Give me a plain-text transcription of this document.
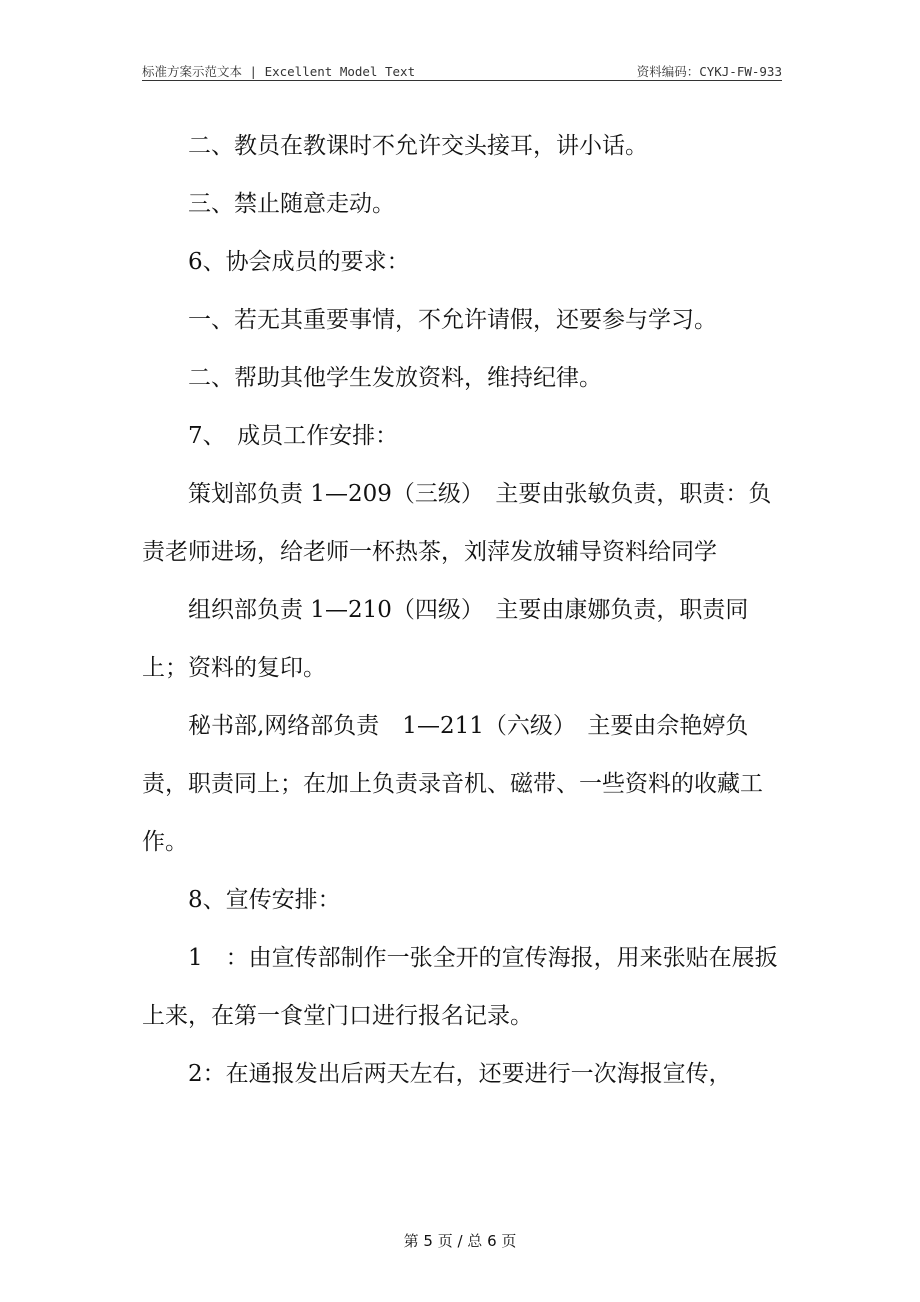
标准方案示范文本 | Excellent Model Text	资料编码：CYKJ-FW-933

二、教员在教课时不允许交头接耳，讲小话。

三、禁止随意走动。

6、协会成员的要求：

一、若无其重要事情，不允许请假，还要参与学习。

二、帮助其他学生发放资料，维持纪律。

7、　成员工作安排：

策划部负责 1—209（三级）　主要由张敏负责，职责：负责老师进场，给老师一杯热茶，刘萍发放辅导资料给同学

组织部负责 1—210（四级）　主要由康娜负责，职责同上；资料的复印。

秘书部,网络部负责　1—211（六级）　主要由佘艳婷负责，职责同上；在加上负责录音机、磁带、一些资料的收藏工作。

8、宣传安排：

1　：由宣传部制作一张全开的宣传海报，用来张贴在展扳上来，在第一食堂门口进行报名记录。

2：在通报发出后两天左右，还要进行一次海报宣传，

第 5 页 / 总 6 页
